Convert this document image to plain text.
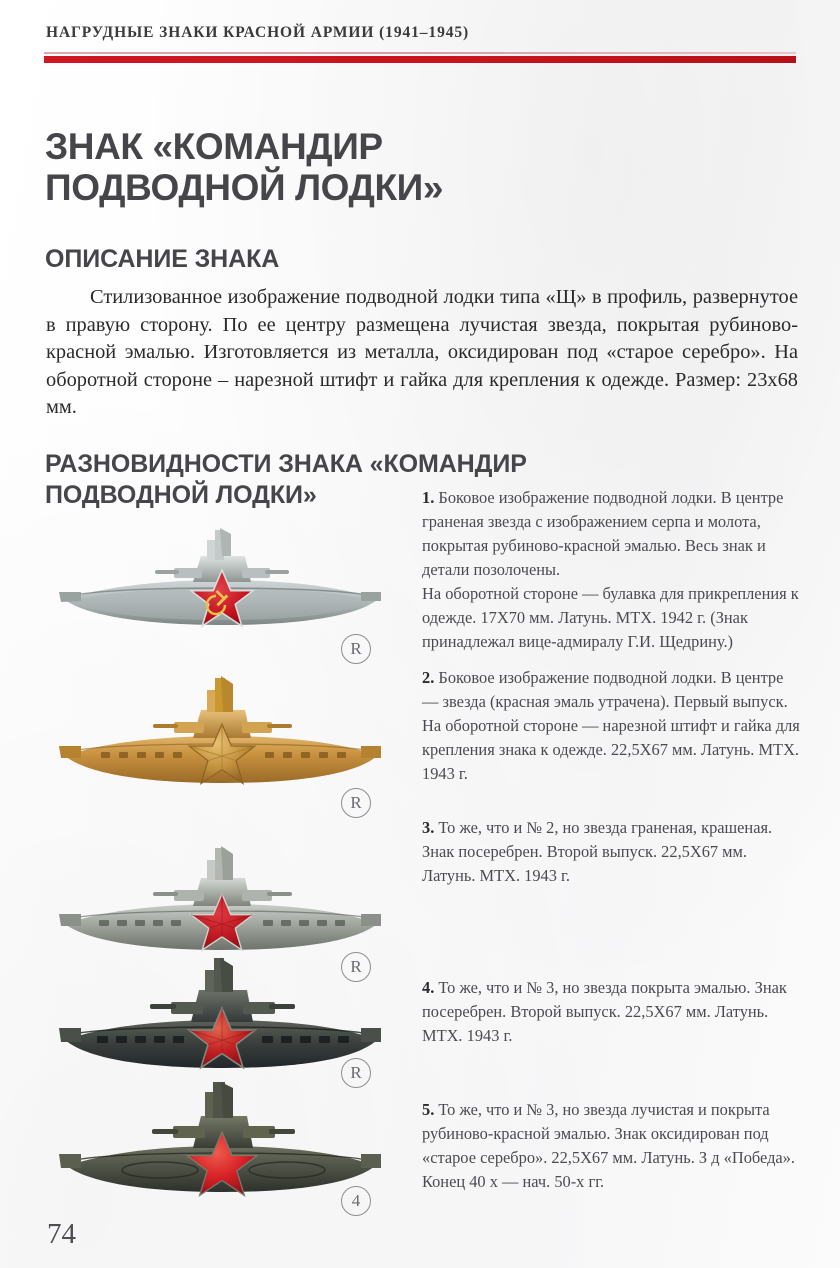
НАГРУДНЫЕ ЗНАКИ КРАСНОЙ АРМИИ (1941–1945)
ЗНАК «КОМАНДИР ПОДВОДНОЙ ЛОДКИ»
ОПИСАНИЕ ЗНАКА

Стилизованное изображение подводной лодки типа «Щ» в профиль, развернутое в правую сторону. По ее центру размещена лучистая звезда, покрытая рубиново-красной эмалью. Изготовляется из металла, оксидирован под «старое серебро». На оборотной стороне – нарезной штифт и гайка для крепления к одежде. Размер: 23х68 мм.

РАЗНОВИДНОСТИ ЗНАКА «КОМАНДИР ПОДВОДНОЙ ЛОДКИ»	1. Боковое изображение подводной лодки. В центре граненая звезда с изображением серпа и молота, покрытая рубиново-красной эмалью. Весь знак и детали позолочены.
На оборотной стороне — булавка для прикрепления к одежде. 17Х70 мм. Латунь. МТХ. 1942 г. (Знак принадлежал вице-адмиралу Г.И. Щедрину.)
R
2. Боковое изображение подводной лодки. В центре — звезда (красная эмаль утрачена). Первый выпуск.
На оборотной стороне — нарезной штифт и гайка для крепления знака к одежде. 22,5Х67 мм. Латунь. МТХ. 1943 г.
R
3. То же, что и № 2, но звезда граненая, крашеная. Знак посеребрен. Второй выпуск. 22,5Х67 мм. Латунь. МТХ. 1943 г.
R
4. То же, что и № 3, но звезда покрыта эмалью. Знак посеребрен. Второй выпуск. 22,5Х67 мм. Латунь. МТХ. 1943 г.
R
5. То же, что и № 3, но звезда лучистая и покрыта рубиново-красной эмалью. Знак оксидирован под «старое серебро». 22,5Х67 мм. Латунь. З д «Победа». Конец 40 х — нач. 50-х гг.
4
74
